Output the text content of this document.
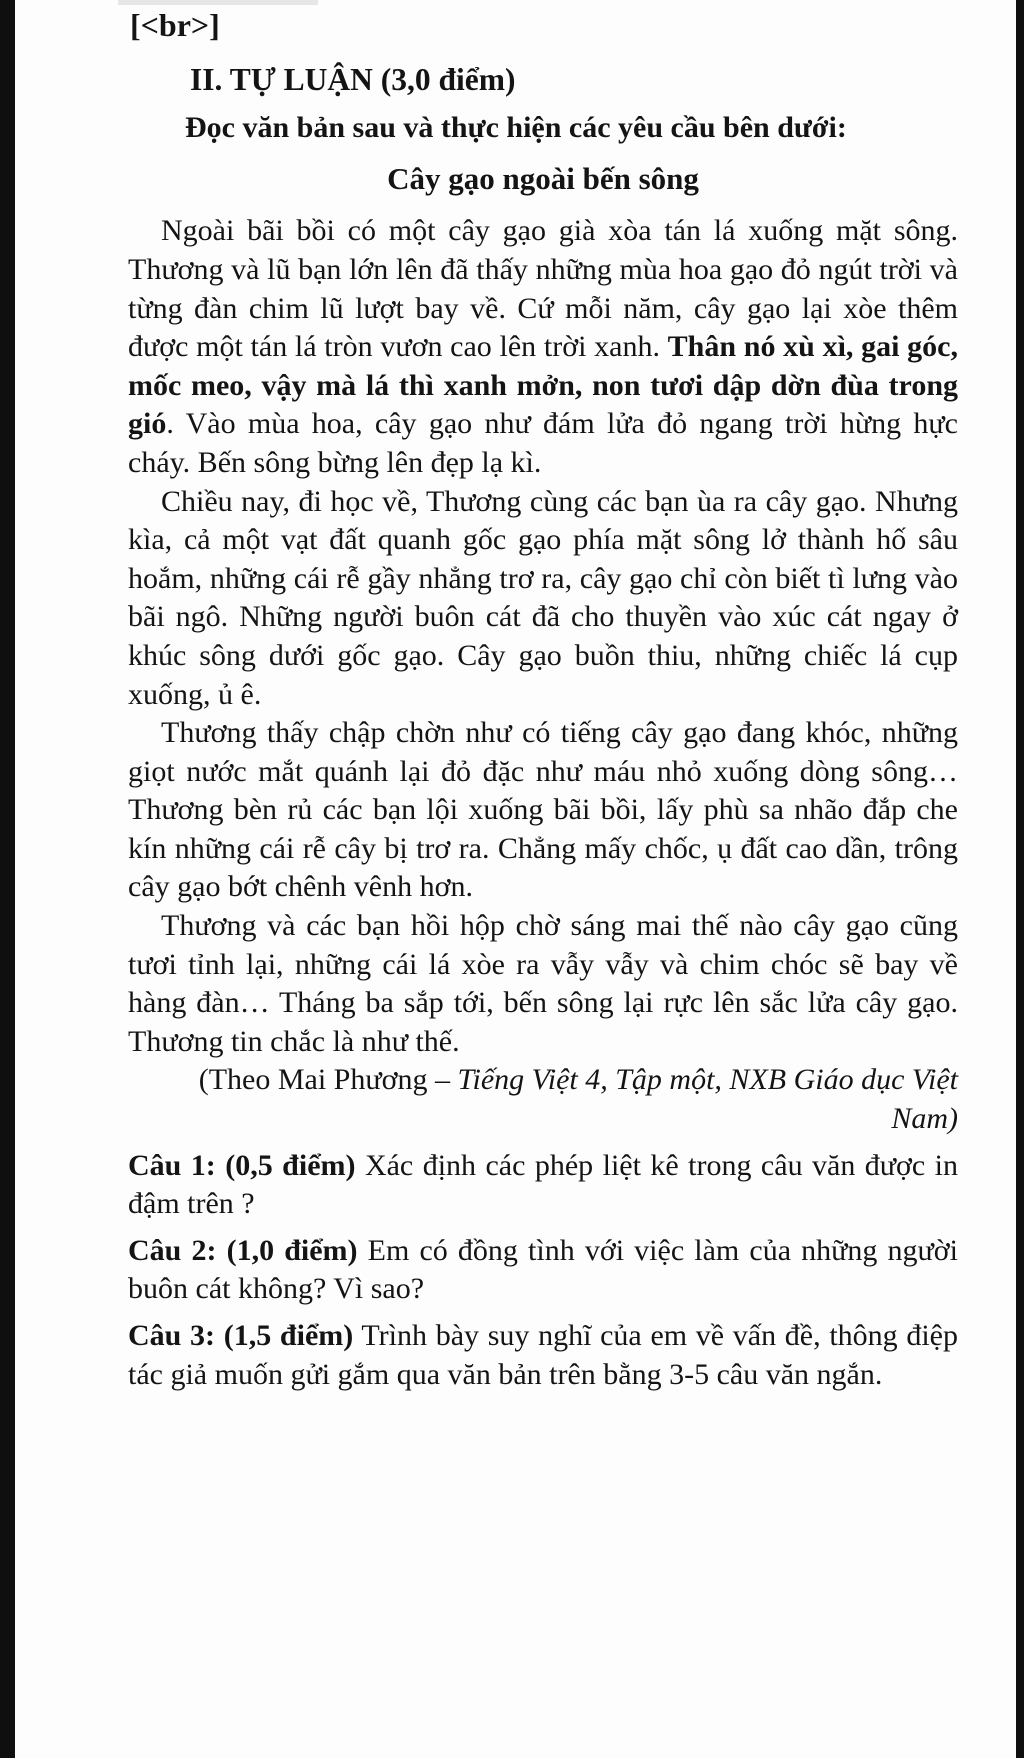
[<br>]
II. TỰ LUẬN (3,0 điểm)

Đọc văn bản sau và thực hiện các yêu cầu bên dưới:

Cây gạo ngoài bến sông

Ngoài bãi bồi có một cây gạo già xòa tán lá xuống mặt sông. Thương và lũ bạn lớn lên đã thấy những mùa hoa gạo đỏ ngút trời và từng đàn chim lũ lượt bay về. Cứ mỗi năm, cây gạo lại xòe thêm được một tán lá tròn vươn cao lên trời xanh. Thân nó xù xì, gai góc, mốc meo, vậy mà lá thì xanh mởn, non tươi dập dờn đùa trong gió. Vào mùa hoa, cây gạo như đám lửa đỏ ngang trời hừng hực cháy. Bến sông bừng lên đẹp lạ kì.

Chiều nay, đi học về, Thương cùng các bạn ùa ra cây gạo. Nhưng kìa, cả một vạt đất quanh gốc gạo phía mặt sông lở thành hố sâu hoắm, những cái rễ gầy nhẳng trơ ra, cây gạo chỉ còn biết tì lưng vào bãi ngô. Những người buôn cát đã cho thuyền vào xúc cát ngay ở khúc sông dưới gốc gạo. Cây gạo buồn thiu, những chiếc lá cụp xuống, ủ ê.

Thương thấy chập chờn như có tiếng cây gạo đang khóc, những giọt nước mắt quánh lại đỏ đặc như máu nhỏ xuống dòng sông… Thương bèn rủ các bạn lội xuống bãi bồi, lấy phù sa nhão đắp che kín những cái rễ cây bị trơ ra. Chẳng mấy chốc, ụ đất cao dần, trông cây gạo bớt chênh vênh hơn.

Thương và các bạn hồi hộp chờ sáng mai thế nào cây gạo cũng tươi tỉnh lại, những cái lá xòe ra vẫy vẫy và chim chóc sẽ bay về hàng đàn… Tháng ba sắp tới, bến sông lại rực lên sắc lửa cây gạo. Thương tin chắc là như thế.

(Theo Mai Phương – Tiếng Việt 4, Tập một, NXB Giáo dục Việt Nam)

Câu 1: (0,5 điểm) Xác định các phép liệt kê trong câu văn được in đậm trên ?

Câu 2: (1,0 điểm) Em có đồng tình với việc làm của những người buôn cát không? Vì sao?

Câu 3: (1,5 điểm) Trình bày suy nghĩ của em về vấn đề, thông điệp tác giả muốn gửi gắm qua văn bản trên bằng 3-5 câu văn ngắn.
